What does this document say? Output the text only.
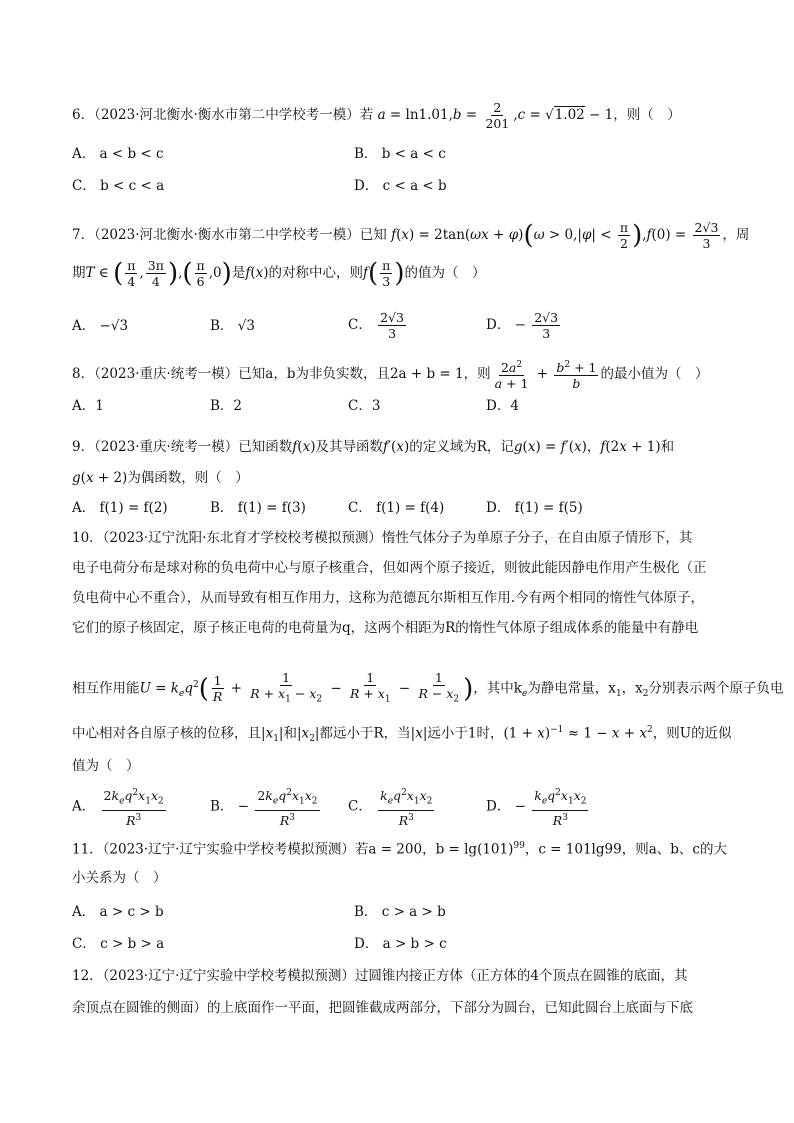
6．（2023·河北衡水·衡水市第二中学校考一模）若 $a = \ln 1.01,b = \frac{2}{201} ,c = √1.02 - 1$，则（　）
A． a < b < c	B． b < a < c
C． b < c < a	D． c < a < b
7．（2023·河北衡水·衡水市第二中学校考一模）已知 $f(x) = 2\tan(\omega x + \varphi)(\omega > 0,|\varphi| < \frac{\pi}{2} ),f(0) = \frac{2√3}{3}$ ，周
期T ∈ ( $\frac{\pi}{4}$ , $\frac{3\pi}{4}$ ),( $\frac{\pi}{6} ,0$)是f(x)的对称中心，则$f( \frac{\pi}{3}$ )的值为（　）
A． −√3	B． √3	C． $\frac{2√3}{3}$	D． − $\frac{2√3}{3}$
8．（2023·重庆·统考一模）已知a，b为非负实数，且2a + b = 1，则 $\frac{2a^2}{a + 1} + \frac{b^2 + 1}{b}$ 的最小值为（　）
A．1	B．2	C．3	D．4
9．（2023·重庆·统考一模）已知函数f(x)及其导函数f′(x)的定义域为R，记g(x) = f′(x)，f(2x + 1)和
g(x + 2)为偶函数，则（　）
A． f(1) = f(2)	B． f(1) = f(3)	C． f(1) = f(4)	D． f(1) = f(5)
10．（2023·辽宁沈阳·东北育才学校校考模拟预测）惰性气体分子为单原子分子，在自由原子情形下，其
电子电荷分布是球对称的负电荷中心与原子核重合，但如两个原子接近，则彼此能因静电作用产生极化（正
负电荷中心不重合），从而导致有相互作用力，这称为范德瓦尔斯相互作用.今有两个相同的惰性气体原子，
它们的原子核固定，原子核正电荷的电荷量为q，这两个相距为R的惰性气体原子组成体系的能量中有静电
相互作用能$U = k_eq^2( \frac{1}{R} + \frac{1}{R + x_1 - x_2} - \frac{1}{R + x_1} - \frac{1}{R - x_2}$ )，其中$k_e$为静电常量，$x_1$，$x_2$分别表示两个原子负电
中心相对各自原子核的位移，且$|x_1|$和$|x_2|$都远小于R，当|x|远小于1时，$(1 + x)^{-1} \approx 1 - x + x^2$，则U的近似
值为（　）
A． $\frac{2k_eq^2x_1x_2}{R^3}$	B． − $\frac{2k_eq^2x_1x_2}{R^3}$ C． $\frac{k_eq^2x_1x_2}{R^3}$	D． − $\frac{k_eq^2x_1x_2}{R^3}$
11．（2023·辽宁·辽宁实验中学校考模拟预测）若a = 200，$b = \lg(101)^{99}$，c = 101lg99，则a、b、c的大
小关系为（　）
A． a > c > b	B． c > a > b
C． c > b > a	D． a > b > c
12．（2023·辽宁·辽宁实验中学校考模拟预测）过圆锥内接正方体（正方体的4个顶点在圆锥的底面，其
余顶点在圆锥的侧面）的上底面作一平面，把圆锥截成两部分，下部分为圆台，已知此圆台上底面与下底
